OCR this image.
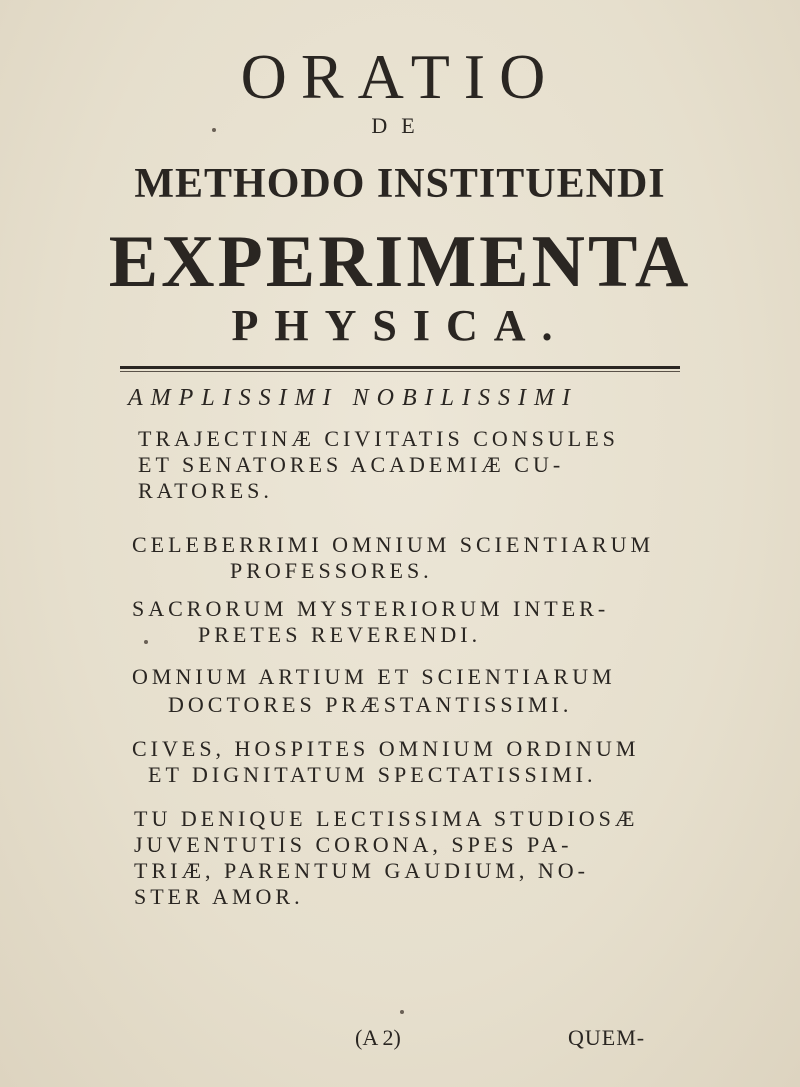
ORATIO
DE
METHODO INSTITUENDI
EXPERIMENTA
PHYSICA.
AMPLISSIMI NOBILISSIMI
TRAJECTINÆ CIVITATIS CONSULES
ET SENATORES ACADEMIÆ CU-
RATORES.
CELEBERRIMI OMNIUM SCIENTIARUM
PROFESSORES.
SACRORUM MYSTERIORUM INTER-
PRETES REVERENDI.
OMNIUM ARTIUM ET SCIENTIARUM
DOCTORES PRÆSTANTISSIMI.
CIVES, HOSPITES OMNIUM ORDINUM
ET DIGNITATUM SPECTATISSIMI.
TU DENIQUE LECTISSIMA STUDIOSÆ
JUVENTUTIS CORONA, SPES PA-
TRIÆ, PARENTUM GAUDIUM, NO-
STER AMOR.
(A 2)	QUEM-
